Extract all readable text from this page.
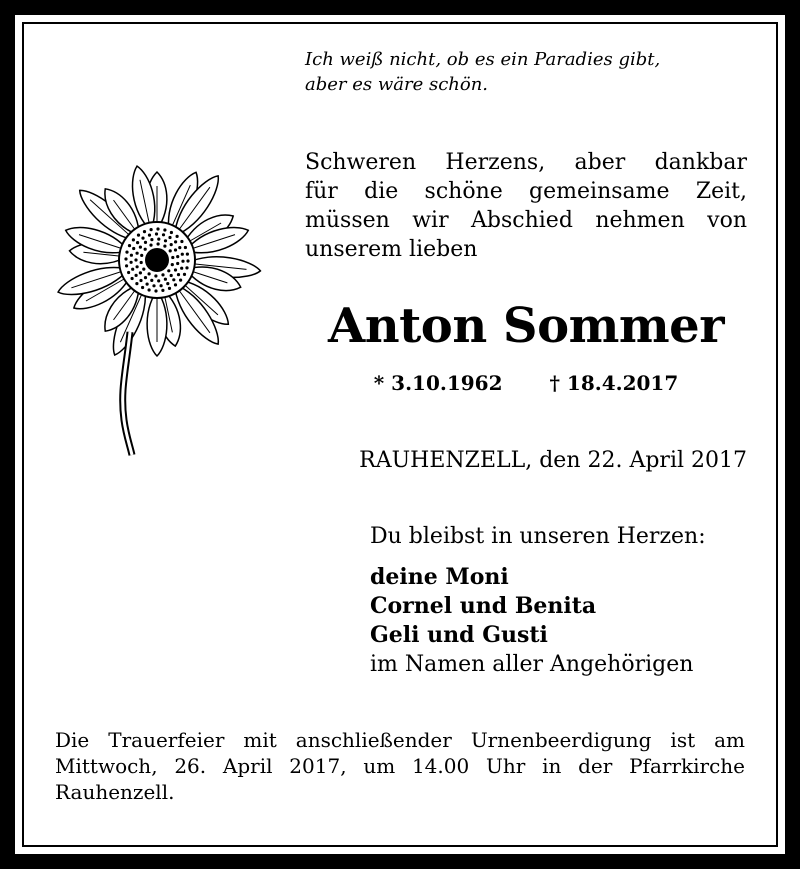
Ich weiß nicht, ob es ein Paradies gibt,
aber es wäre schön.
Schweren Herzens, aber dankbar
für die schöne gemeinsame Zeit,
müssen wir Abschied nehmen von
unserem lieben
Anton Sommer
* 3.10.1962 † 18.4.2017
RAUHENZELL, den 22. April 2017
Du bleibst in unseren Herzen:
deine Moni
Cornel und Benita
Geli und Gusti
im Namen aller Angehörigen
Die Trauerfeier mit anschließender Urnenbeerdigung ist am
Mittwoch, 26. April 2017, um 14.00 Uhr in der Pfarrkirche
Rauhenzell.
